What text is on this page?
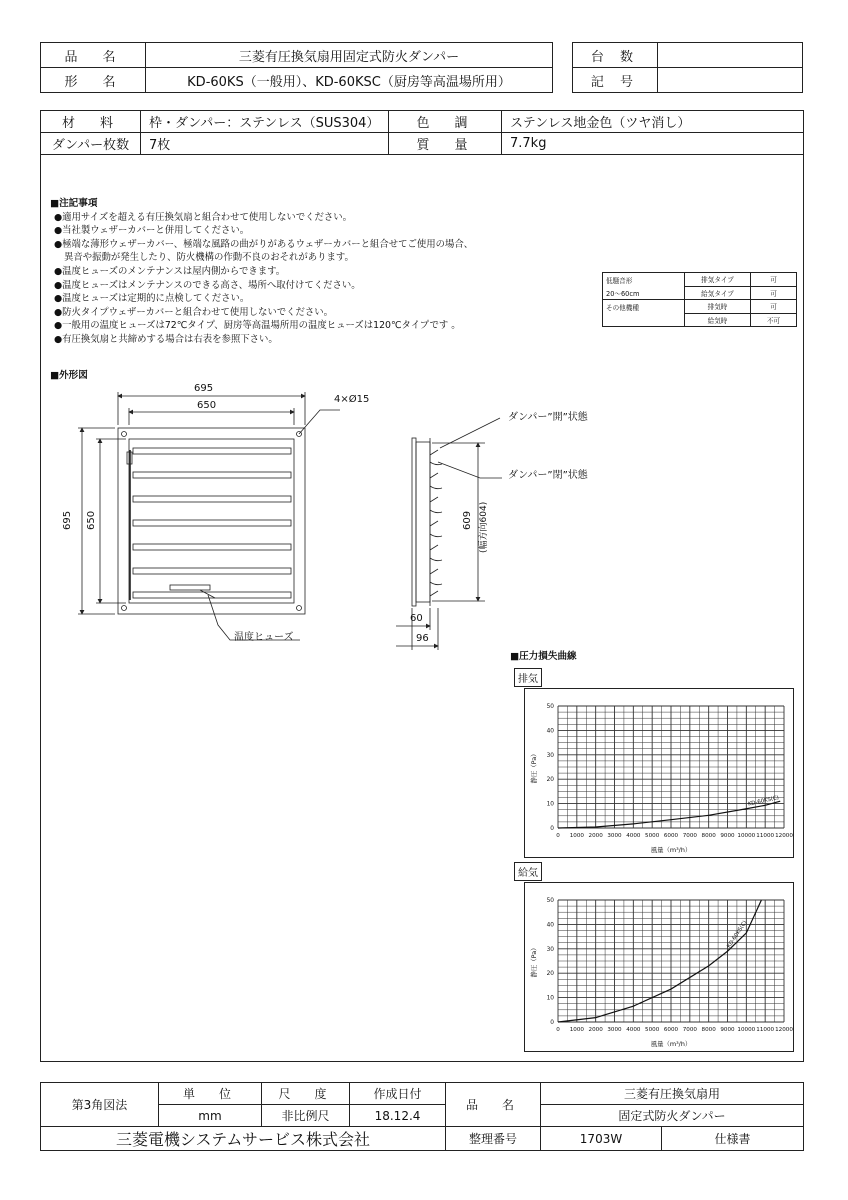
品　名	三菱有圧換気扇用固定式防火ダンパー
形　名	KD-60KS（一般用）、KD-60KSC（厨房等高温場所用）
台 数	
記 号	
材　料	枠・ダンパー：ステンレス（SUS304）	色　調	ステンレス地金色（ツヤ消し）
ダンパー枚数	7枚	質　量	7.7kg
■注記事項
●適用サイズを超える有圧換気扇と組合わせて使用しないでください。
●当社製ウェザーカバーと併用してください。
●極端な薄形ウェザーカバー、極端な風路の曲がりがあるウェザーカバーと組合せてご使用の場合、
異音や振動が発生したり、防火機構の作動不良のおそれがあります。
●温度ヒューズのメンテナンスは屋内側からできます。
●温度ヒューズはメンテナンスのできる高さ、場所へ取付けてください。
●温度ヒューズは定期的に点検してください。
●防火タイプウェザーカバーと組合わせて使用しないでください。
●一般用の温度ヒューズは72℃タイプ、厨房等高温場所用の温度ヒューズは120℃タイプです 。
●有圧換気扇と共締めする場合は右表を参照下さい。
低騒音形	排気タイプ	可
20～60cm	給気タイプ	可
その他機種	排気時	可
	給気時	不可
■外形図
695
650
695 650
4×Ø15
温度ヒューズ
ダンパー”開”状態
ダンパー”閉”状態
609 (幅方向604)
60
96
■圧力損失曲線
排気
給気
0 1000 2000 3000 4000 5000 6000 7000 8000 9000 10000 11000 12000
0
10
20
30
40
50
風量（m³/h）
静圧（Pa）
KD-60KS(C)
0 1000 2000 3000 4000 5000 6000 7000 8000 9000 10000 11000 12000
0
10
20
30
40
50
風量（m³/h）
静圧（Pa）
KD-60KS(C)
第3角図法	単　位	尺　度	作成日付	品　名	三菱有圧換気扇用	
	mm	非比例尺	18.12.4		固定式防火ダンパー	
三菱電機システムサービス株式会社				整理番号	1703W	仕様書
